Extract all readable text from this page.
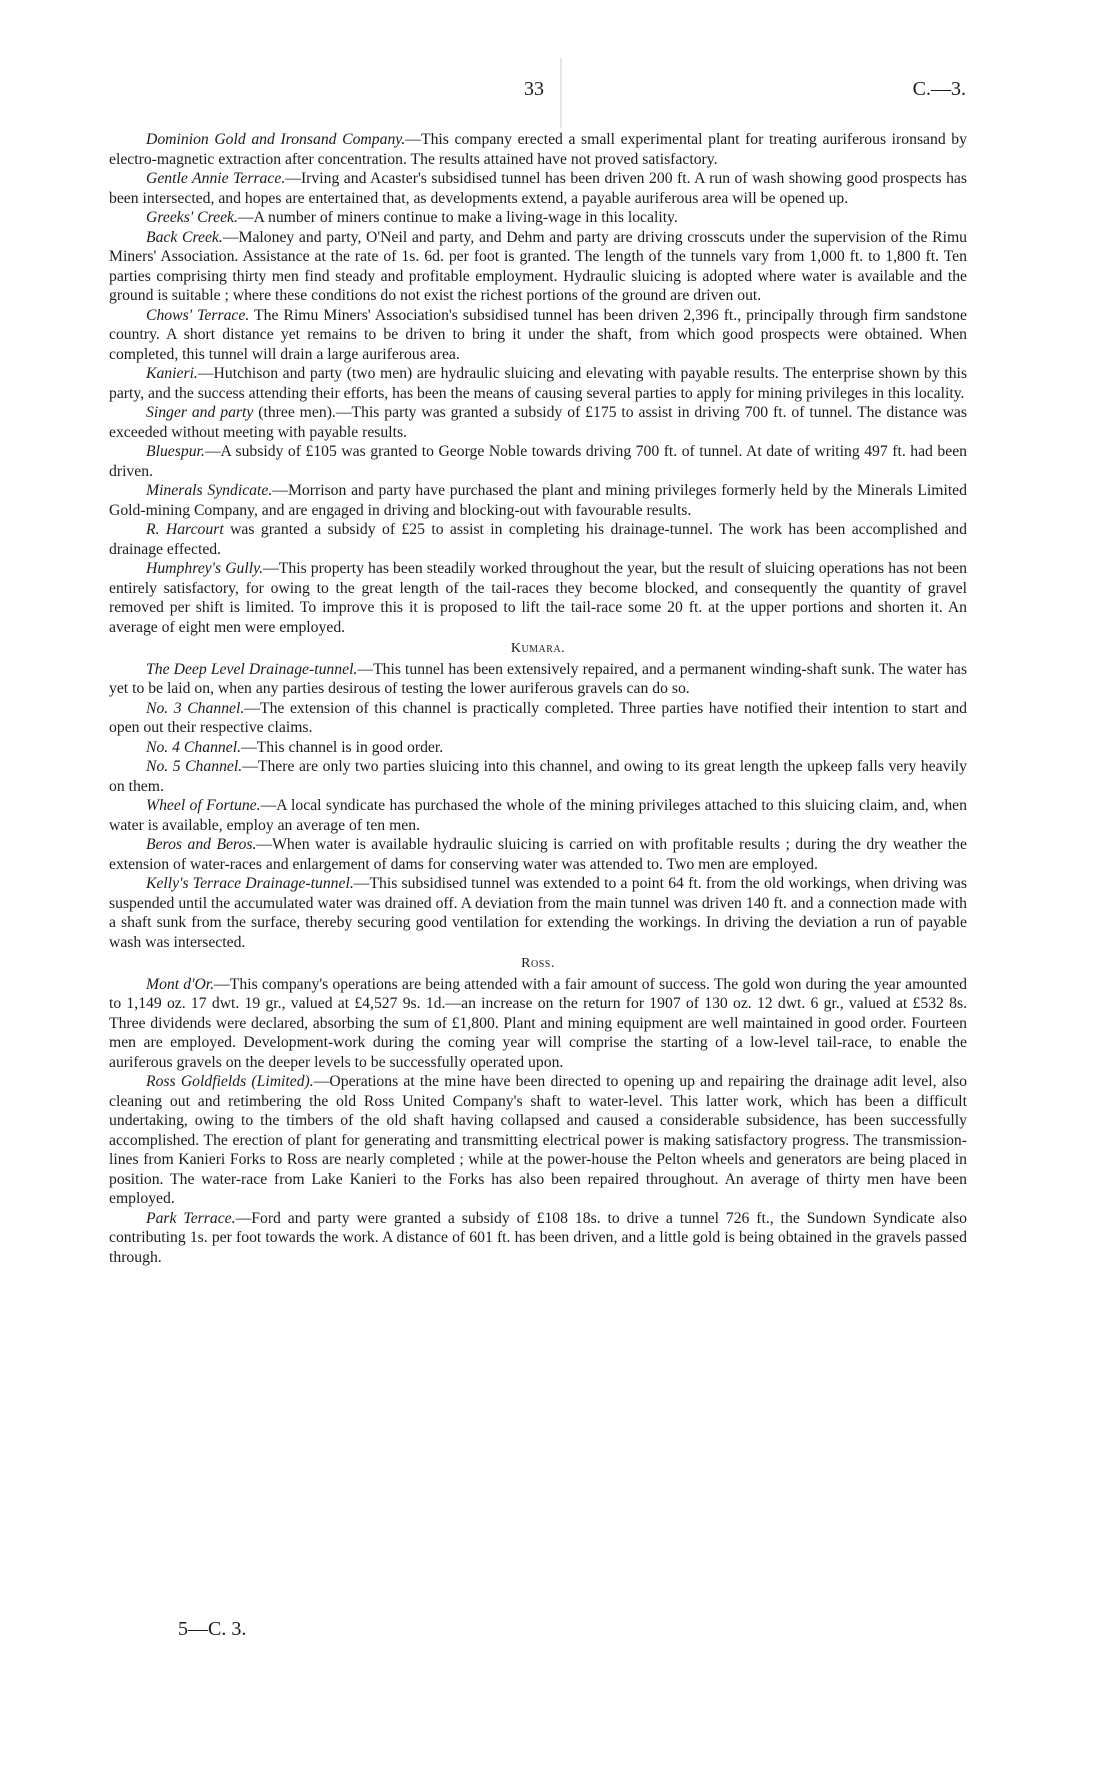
33	C.—3.

Dominion Gold and Ironsand Company.—This company erected a small experimental plant for treating auriferous ironsand by electro-magnetic extraction after concentration. The results attained have not proved satisfactory.

Gentle Annie Terrace.—Irving and Acaster's subsidised tunnel has been driven 200 ft. A run of wash showing good prospects has been intersected, and hopes are entertained that, as developments extend, a payable auriferous area will be opened up.

Greeks' Creek.—A number of miners continue to make a living-wage in this locality.

Back Creek.—Maloney and party, O'Neil and party, and Dehm and party are driving crosscuts under the supervision of the Rimu Miners' Association. Assistance at the rate of 1s. 6d. per foot is granted. The length of the tunnels vary from 1,000 ft. to 1,800 ft. Ten parties comprising thirty men find steady and profitable employment. Hydraulic sluicing is adopted where water is available and the ground is suitable ; where these conditions do not exist the richest portions of the ground are driven out.

Chows' Terrace. The Rimu Miners' Association's subsidised tunnel has been driven 2,396 ft., principally through firm sandstone country. A short distance yet remains to be driven to bring it under the shaft, from which good prospects were obtained. When completed, this tunnel will drain a large auriferous area.

Kanieri.—Hutchison and party (two men) are hydraulic sluicing and elevating with payable results. The enterprise shown by this party, and the success attending their efforts, has been the means of causing several parties to apply for mining privileges in this locality.

Singer and party (three men).—This party was granted a subsidy of £175 to assist in driving 700 ft. of tunnel. The distance was exceeded without meeting with payable results.

Bluespur.—A subsidy of £105 was granted to George Noble towards driving 700 ft. of tunnel. At date of writing 497 ft. had been driven.

Minerals Syndicate.—Morrison and party have purchased the plant and mining privileges formerly held by the Minerals Limited Gold-mining Company, and are engaged in driving and blocking-out with favourable results.

R. Harcourt was granted a subsidy of £25 to assist in completing his drainage-tunnel. The work has been accomplished and drainage effected.

Humphrey's Gully.—This property has been steadily worked throughout the year, but the result of sluicing operations has not been entirely satisfactory, for owing to the great length of the tail-races they become blocked, and consequently the quantity of gravel removed per shift is limited. To improve this it is proposed to lift the tail-race some 20 ft. at the upper portions and shorten it. An average of eight men were employed.

Kumara.

The Deep Level Drainage-tunnel.—This tunnel has been extensively repaired, and a permanent winding-shaft sunk. The water has yet to be laid on, when any parties desirous of testing the lower auriferous gravels can do so.

No. 3 Channel.—The extension of this channel is practically completed. Three parties have notified their intention to start and open out their respective claims.

No. 4 Channel.—This channel is in good order.

No. 5 Channel.—There are only two parties sluicing into this channel, and owing to its great length the upkeep falls very heavily on them.

Wheel of Fortune.—A local syndicate has purchased the whole of the mining privileges attached to this sluicing claim, and, when water is available, employ an average of ten men.

Beros and Beros.—When water is available hydraulic sluicing is carried on with profitable results ; during the dry weather the extension of water-races and enlargement of dams for conserving water was attended to. Two men are employed.

Kelly's Terrace Drainage-tunnel.—This subsidised tunnel was extended to a point 64 ft. from the old workings, when driving was suspended until the accumulated water was drained off. A deviation from the main tunnel was driven 140 ft. and a connection made with a shaft sunk from the surface, thereby securing good ventilation for extending the workings. In driving the deviation a run of payable wash was intersected.

Ross.

Mont d'Or.—This company's operations are being attended with a fair amount of success. The gold won during the year amounted to 1,149 oz. 17 dwt. 19 gr., valued at £4,527 9s. 1d.—an increase on the return for 1907 of 130 oz. 12 dwt. 6 gr., valued at £532 8s. Three dividends were declared, absorbing the sum of £1,800. Plant and mining equipment are well maintained in good order. Fourteen men are employed. Development-work during the coming year will comprise the starting of a low-level tail-race, to enable the auriferous gravels on the deeper levels to be successfully operated upon.

Ross Goldfields (Limited).—Operations at the mine have been directed to opening up and repairing the drainage adit level, also cleaning out and retimbering the old Ross United Company's shaft to water-level. This latter work, which has been a difficult undertaking, owing to the timbers of the old shaft having collapsed and caused a considerable subsidence, has been successfully accomplished. The erection of plant for generating and transmitting electrical power is making satisfactory progress. The transmission-lines from Kanieri Forks to Ross are nearly completed ; while at the power-house the Pelton wheels and generators are being placed in position. The water-race from Lake Kanieri to the Forks has also been repaired throughout. An average of thirty men have been employed.

Park Terrace.—Ford and party were granted a subsidy of £108 18s. to drive a tunnel 726 ft., the Sundown Syndicate also contributing 1s. per foot towards the work. A distance of 601 ft. has been driven, and a little gold is being obtained in the gravels passed through.

5—C. 3.
